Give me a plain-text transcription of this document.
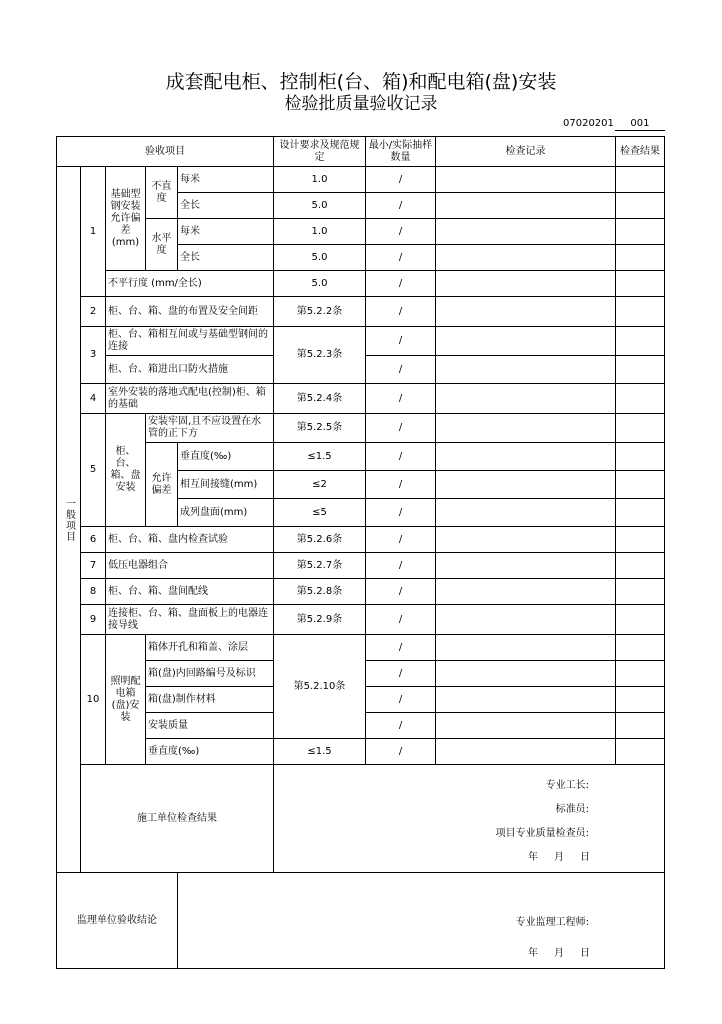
成套配电柜、控制柜(台、箱)和配电箱(盘)安装
检验批质量验收记录
07020201 001
验收项目					设计要求及规范规定	最小/实际抽样数量	检查记录	检查结果
一般项目	1	基础型钢安装允许偏差(mm)	不直度	每米	1.0	/		
				全长	5.0	/		
			水平度	每米	1.0	/		
				全长	5.0	/		
		不平行度 (mm/全长)			5.0	/		
	2	柜、台、箱、盘的布置及安全间距			第5.2.2条	/		
	3	柜、台、箱相互间或与基础型钢间的连接			第5.2.3条	/		
		柜、台、箱进出口防火措施				/		
	4	室外安装的落地式配电(控制)柜、箱的基础			第5.2.4条	/		
	5	柜、台、箱、盘安装	安装牢固,且不应设置在水管的正下方		第5.2.5条	/		
			允许偏差	垂直度(‰)	≤1.5	/		
				相互间接缝(mm)	≤2	/		
				成列盘面(mm)	≤5	/		
	6	柜、台、箱、盘内检查试验			第5.2.6条	/		
	7	低压电器组合			第5.2.7条	/		
	8	柜、台、箱、盘间配线			第5.2.8条	/		
	9	连接柜、台、箱、盘面板上的电器连接导线			第5.2.9条	/		
	10	照明配电箱(盘)安装	箱体开孔和箱盖、涂层		第5.2.10条	/		
			箱(盘)内回路编号及标识			/		
			箱(盘)制作材料			/		
			安装质量			/		
			垂直度(‰)		≤1.5	/		
	施工单位检查结果				专业工长:
标准员:
项目专业质量检查员:
年 月 日			

监理单位验收结论				专业监理工程师:
年 月 日				
